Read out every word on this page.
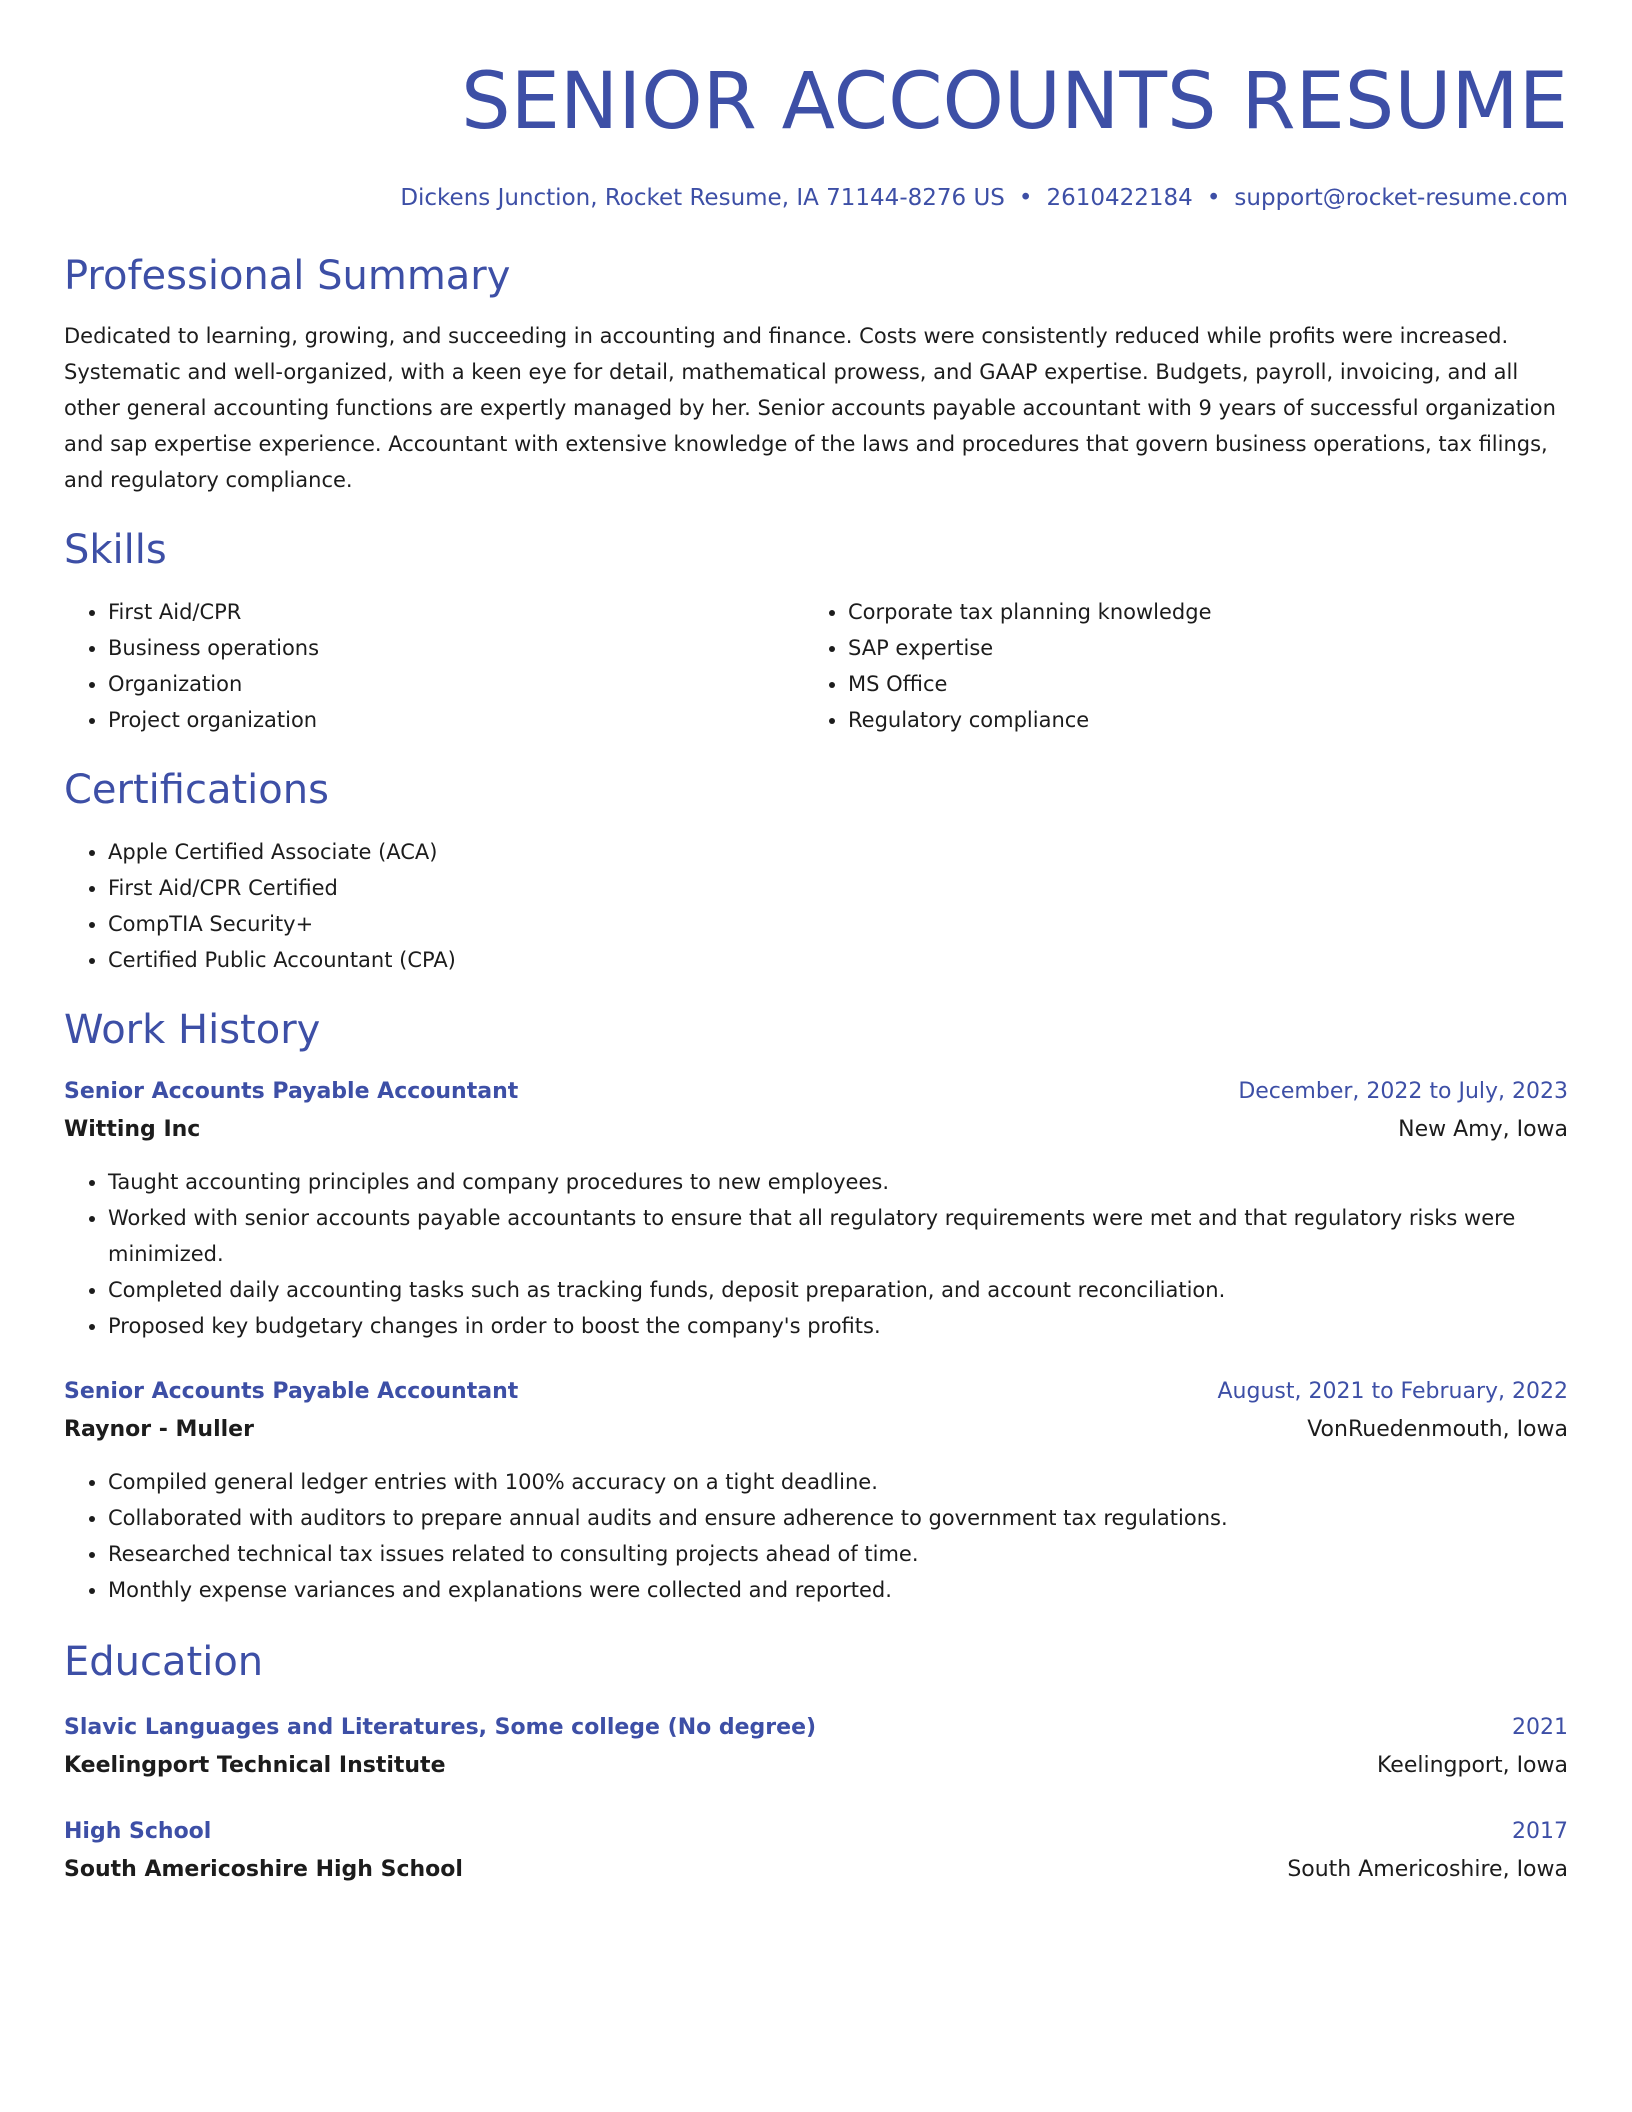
SENIOR ACCOUNTS RESUME
Dickens Junction, Rocket Resume, IA 71144-8276 US • 2610422184 • support@rocket-resume.com
Professional Summary
Dedicated to learning, growing, and succeeding in accounting and finance. Costs were consistently reduced while profits were increased. Systematic and well-organized, with a keen eye for detail, mathematical prowess, and GAAP expertise. Budgets, payroll, invoicing, and all other general accounting functions are expertly managed by her. Senior accounts payable accountant with 9 years of successful organization and sap expertise experience. Accountant with extensive knowledge of the laws and procedures that govern business operations, tax filings, and regulatory compliance.
Skills
• First Aid/CPR
• Business operations
• Organization
• Project organization
• Corporate tax planning knowledge
• SAP expertise
• MS Office
• Regulatory compliance
Certifications
• Apple Certified Associate (ACA)
• First Aid/CPR Certified
• CompTIA Security+
• Certified Public Accountant (CPA)
Work History
Senior Accounts Payable Accountant	December, 2022 to July, 2023
Witting Inc	New Amy, Iowa
• Taught accounting principles and company procedures to new employees.
• Worked with senior accounts payable accountants to ensure that all regulatory requirements were met and that regulatory risks were minimized.
• Completed daily accounting tasks such as tracking funds, deposit preparation, and account reconciliation.
• Proposed key budgetary changes in order to boost the company's profits.
Senior Accounts Payable Accountant	August, 2021 to February, 2022
Raynor - Muller	VonRuedenmouth, Iowa
• Compiled general ledger entries with 100% accuracy on a tight deadline.
• Collaborated with auditors to prepare annual audits and ensure adherence to government tax regulations.
• Researched technical tax issues related to consulting projects ahead of time.
• Monthly expense variances and explanations were collected and reported.
Education
Slavic Languages and Literatures, Some college (No degree)	2021
Keelingport Technical Institute	Keelingport, Iowa
High School	2017
South Americoshire High School	South Americoshire, Iowa
